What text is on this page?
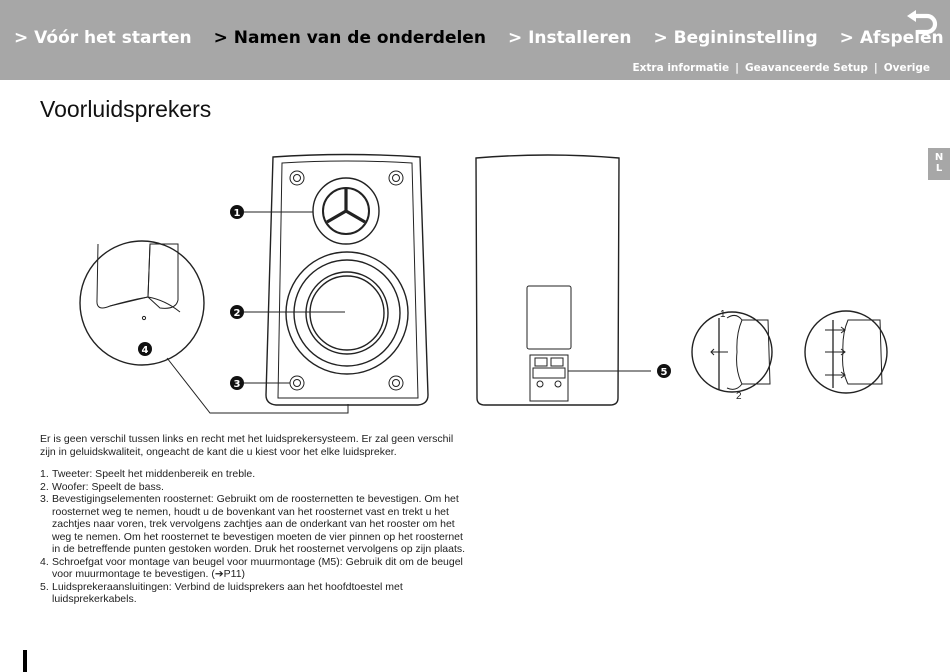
> Vóór het starten > Namen van de onderdelen > Installeren > Begininstelling > Afspelen
Extra informatie | Geavanceerde Setup | Overige
Voorluidsprekers
N
L
1
2
3
4
5
1
2

Er is geen verschil tussen links en recht met het luidsprekersysteem. Er zal geen verschil zijn in geluidskwaliteit, ongeacht de kant die u kiest voor het elke luidspreker.

1. Tweeter: Speelt het middenbereik en treble.
2. Woofer: Speelt de bass.
3. Bevestigingselementen roosternet: Gebruikt om de roosternetten te bevestigen. Om het roosternet weg te nemen, houdt u de bovenkant van het roosternet vast en trekt u het zachtjes naar voren, trek vervolgens zachtjes aan de onderkant van het rooster om het weg te nemen. Om het roosternet te bevestigen moeten de vier pinnen op het roosternet in de betreffende punten gestoken worden. Druk het roosternet vervolgens op zijn plaats.
4. Schroefgat voor montage van beugel voor muurmontage (M5): Gebruik dit om de beugel voor muurmontage te bevestigen. (➔P11)
5. Luidsprekeraansluitingen: Verbind de luidsprekers aan het hoofdtoestel met luidsprekerkabels.
